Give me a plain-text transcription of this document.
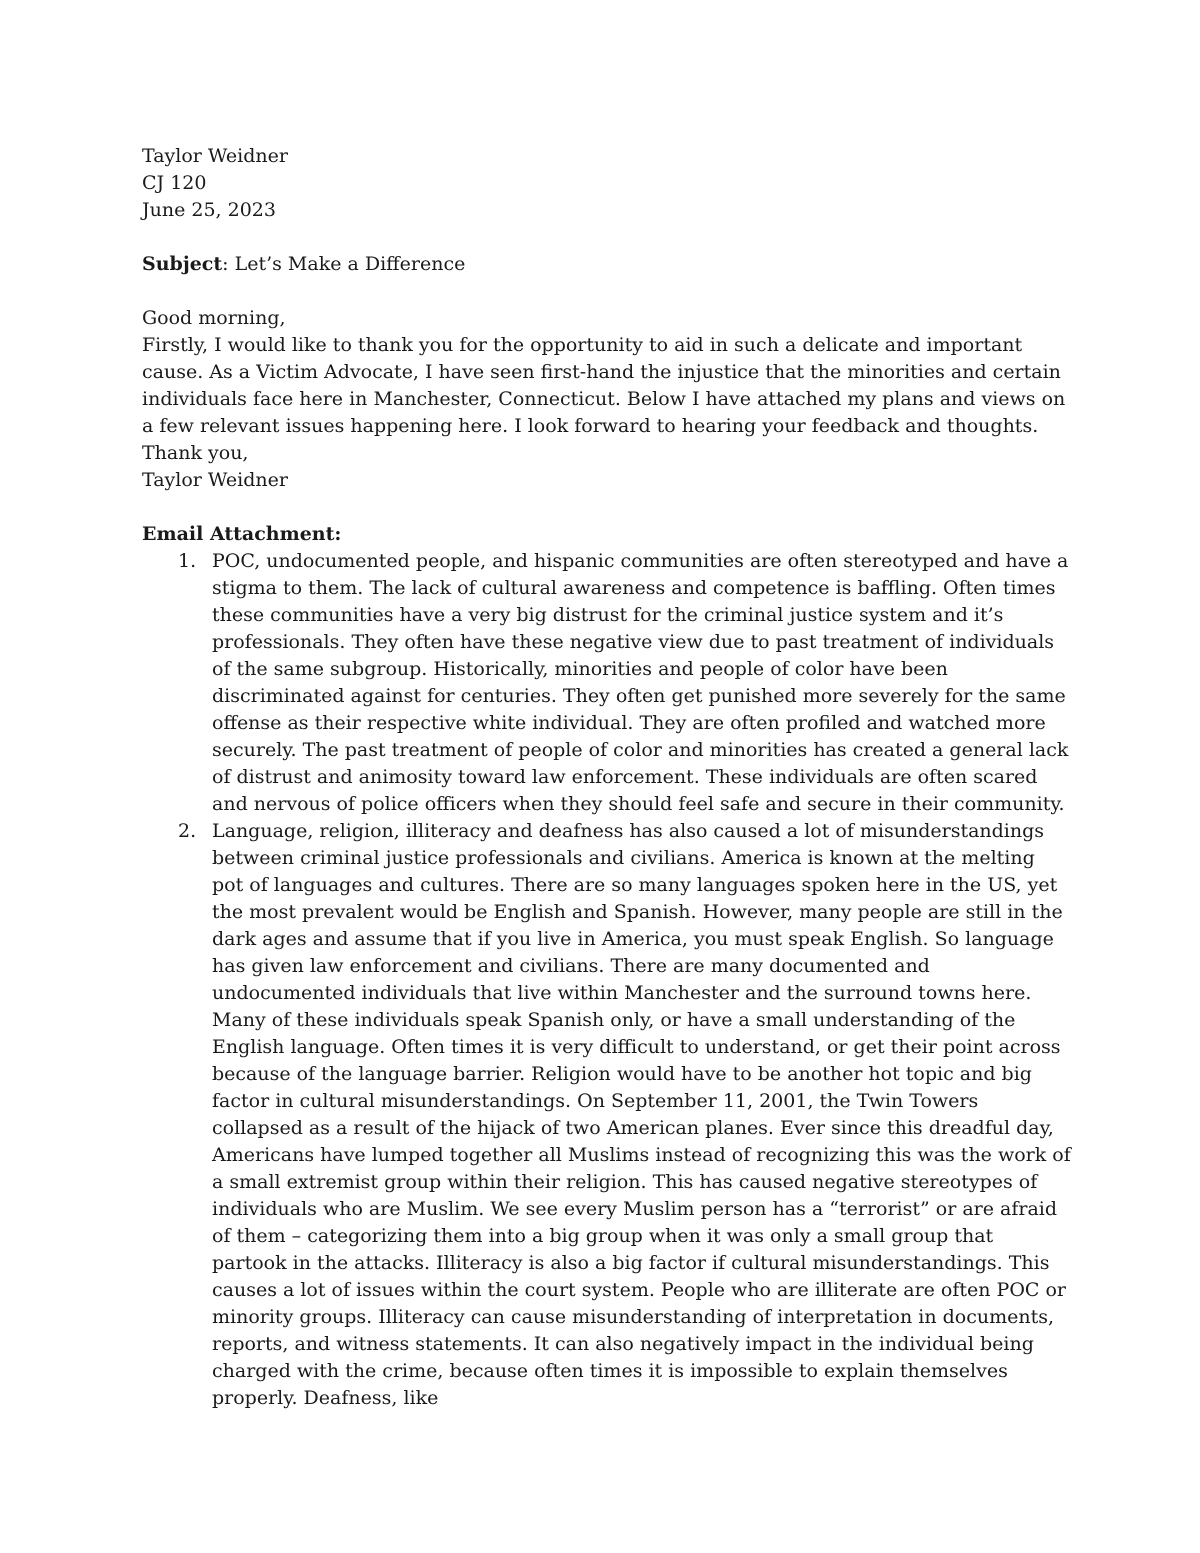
Taylor Weidner

CJ 120

June 25, 2023

Subject: Let’s Make a Difference

Good morning,

Firstly, I would like to thank you for the opportunity to aid in such a delicate and important cause. As a Victim Advocate, I have seen first-hand the injustice that the minorities and certain individuals face here in Manchester, Connecticut. Below I have attached my plans and views on a few relevant issues happening here. I look forward to hearing your feedback and thoughts.

Thank you,

Taylor Weidner

Email Attachment:

1. POC, undocumented people, and hispanic communities are often stereotyped and have a stigma to them. The lack of cultural awareness and competence is baffling. Often times these communities have a very big distrust for the criminal justice system and it’s professionals. They often have these negative view due to past treatment of individuals of the same subgroup. Historically, minorities and people of color have been discriminated against for centuries. They often get punished more severely for the same offense as their respective white individual. They are often profiled and watched more securely. The past treatment of people of color and minorities has created a general lack of distrust and animosity toward law enforcement. These individuals are often scared and nervous of police officers when they should feel safe and secure in their community.
2. Language, religion, illiteracy and deafness has also caused a lot of misunderstandings between criminal justice professionals and civilians. America is known at the melting pot of languages and cultures. There are so many languages spoken here in the US, yet the most prevalent would be English and Spanish. However, many people are still in the dark ages and assume that if you live in America, you must speak English. So language has given law enforcement and civilians. There are many documented and undocumented individuals that live within Manchester and the surround towns here. Many of these individuals speak Spanish only, or have a small understanding of the English language. Often times it is very difficult to understand, or get their point across because of the language barrier. Religion would have to be another hot topic and big factor in cultural misunderstandings. On September 11, 2001, the Twin Towers collapsed as a result of the hijack of two American planes. Ever since this dreadful day, Americans have lumped together all Muslims instead of recognizing this was the work of a small extremist group within their religion. This has caused negative stereotypes of individuals who are Muslim. We see every Muslim person has a “terrorist” or are afraid of them – categorizing them into a big group when it was only a small group that partook in the attacks. Illiteracy is also a big factor if cultural misunderstandings. This causes a lot of issues within the court system. People who are illiterate are often POC or minority groups. Illiteracy can cause misunderstanding of interpretation in documents, reports, and witness statements. It can also negatively impact in the individual being charged with the crime, because often times it is impossible to explain themselves properly. Deafness, like
